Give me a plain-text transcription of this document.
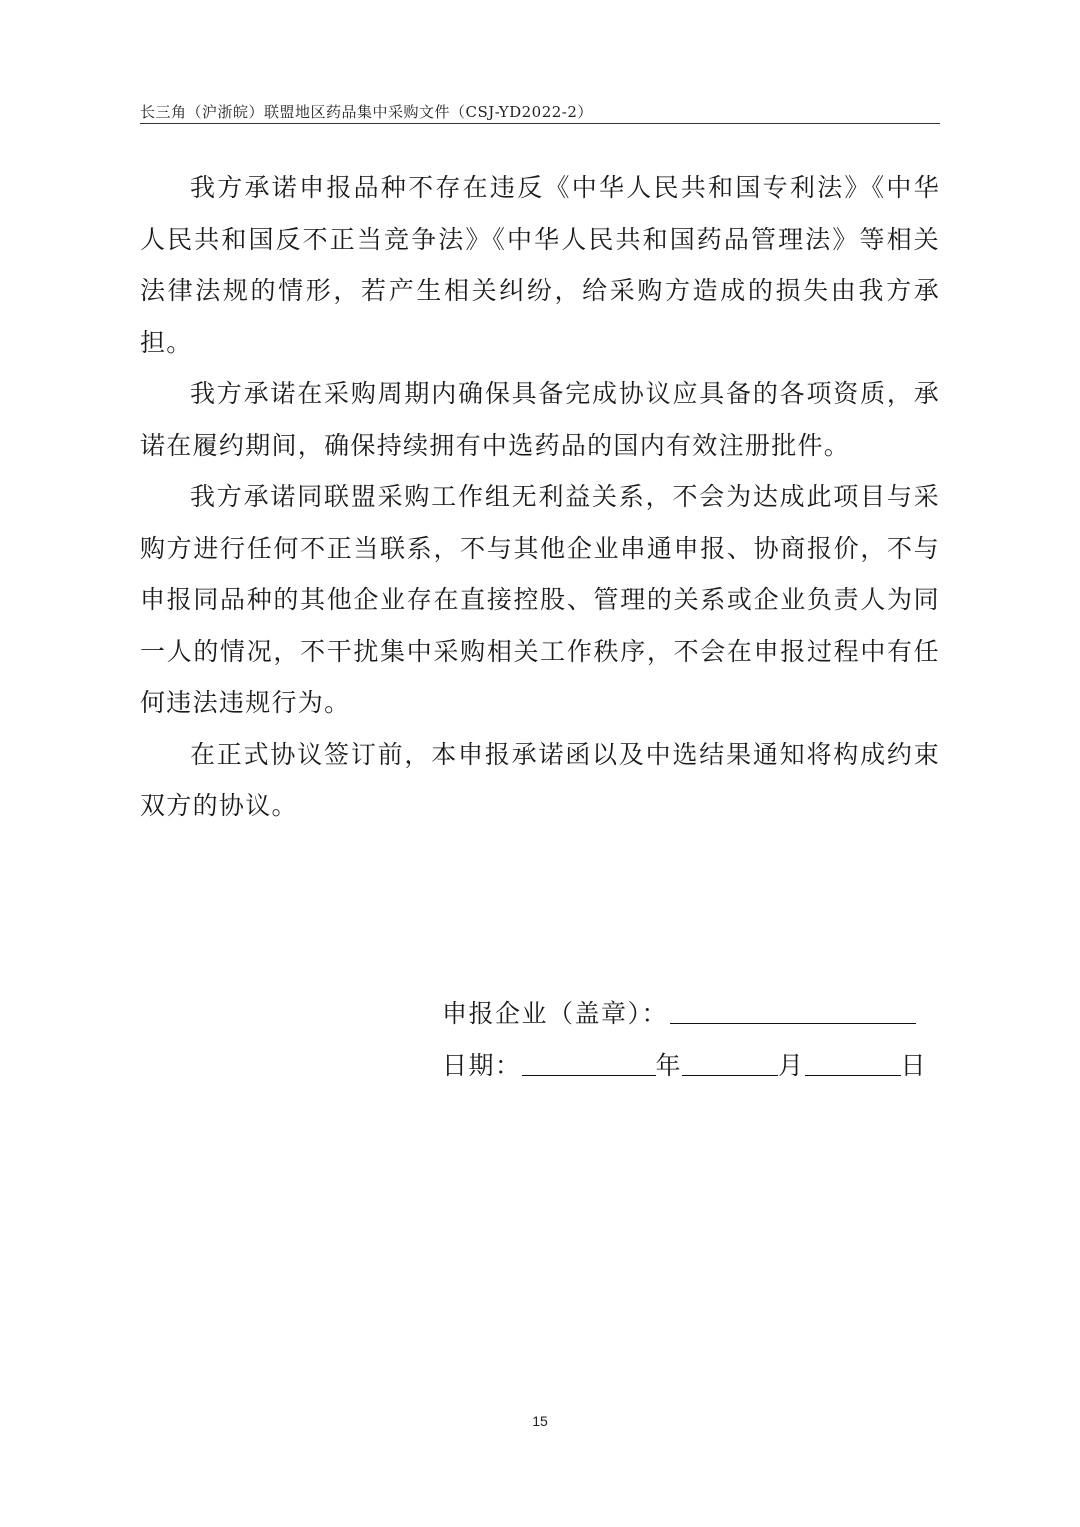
长三角（沪浙皖）联盟地区药品集中采购文件（CSJ-YD2022-2）

我方承诺申报品种不存在违反《中华人民共和国专利法》《中华人民共和国反不正当竞争法》《中华人民共和国药品管理法》等相关法律法规的情形，若产生相关纠纷，给采购方造成的损失由我方承担。

我方承诺在采购周期内确保具备完成协议应具备的各项资质，承诺在履约期间，确保持续拥有中选药品的国内有效注册批件。

我方承诺同联盟采购工作组无利益关系，不会为达成此项目与采购方进行任何不正当联系，不与其他企业串通申报、协商报价，不与申报同品种的其他企业存在直接控股、管理的关系或企业负责人为同一人的情况，不干扰集中采购相关工作秩序，不会在申报过程中有任何违法违规行为。

在正式协议签订前，本申报承诺函以及中选结果通知将构成约束双方的协议。

申报企业（盖章）：
日期：	年	月	日
15
